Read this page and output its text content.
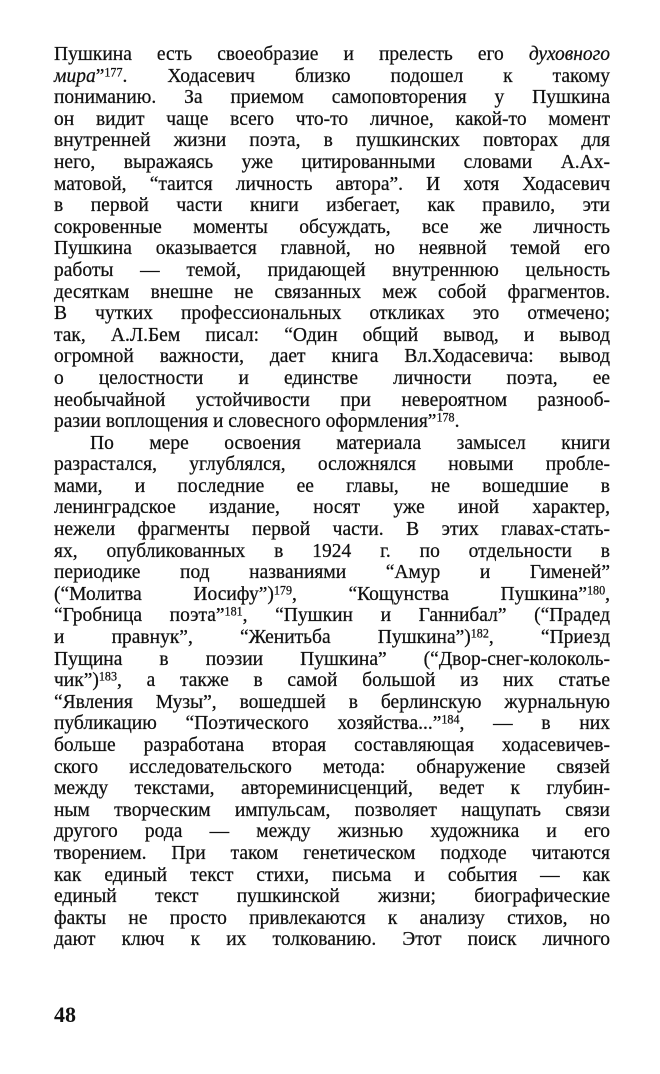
Пушкина есть своеобразие и прелесть его духовного
мира”$^{177}$. Ходасевич близко подошел к такому
пониманию. За приемом самоповторения у Пушкина
он видит чаще всего что-то личное, какой-то момент
внутренней жизни поэта, в пушкинских повторах для
него, выражаясь уже цитированными словами А.Ах-
матовой, “таится личность автора”. И хотя Ходасевич
в первой части книги избегает, как правило, эти
сокровенные моменты обсуждать, все же личность
Пушкина оказывается главной, но неявной темой его
работы — темой, придающей внутреннюю цельность
десяткам внешне не связанных меж собой фрагментов.
В чутких профессиональных откликах это отмечено;
так, А.Л.Бем писал: “Один общий вывод, и вывод
огромной важности, дает книга Вл.Ходасевича: вывод
о целостности и единстве личности поэта, ее
необычайной устойчивости при невероятном разнооб-
разии воплощения и словесного оформления”$^{178}$.
По мере освоения материала замысел книги
разрастался, углублялся, осложнялся новыми пробле-
мами, и последние ее главы, не вошедшие в
ленинградское издание, носят уже иной характер,
нежели фрагменты первой части. В этих главах-стать-
ях, опубликованных в 1924 г. по отдельности в
периодике под названиями “Амур и Гименей”
(“Молитва Иосифу”)$^{179}$, “Кощунства Пушкина”$^{180}$,
“Гробница поэта”$^{181}$, “Пушкин и Ганнибал” (“Прадед
и правнук”, “Женитьба Пушкина”)$^{182}$, “Приезд
Пущина в поэзии Пушкина” (“Двор-снег-колоколь-
чик”)$^{183}$, а также в самой большой из них статье
“Явления Музы”, вошедшей в берлинскую журнальную
публикацию “Поэтического хозяйства...”$^{184}$, — в них
больше разработана вторая составляющая ходасевичев-
ского исследовательского метода: обнаружение связей
между текстами, автореминисценций, ведет к глубин-
ным творческим импульсам, позволяет нащупать связи
другого рода — между жизнью художника и его
творением. При таком генетическом подходе читаются
как единый текст стихи, письма и события — как
единый текст пушкинской жизни; биографические
факты не просто привлекаются к анализу стихов, но
дают ключ к их толкованию. Этот поиск личного
48
